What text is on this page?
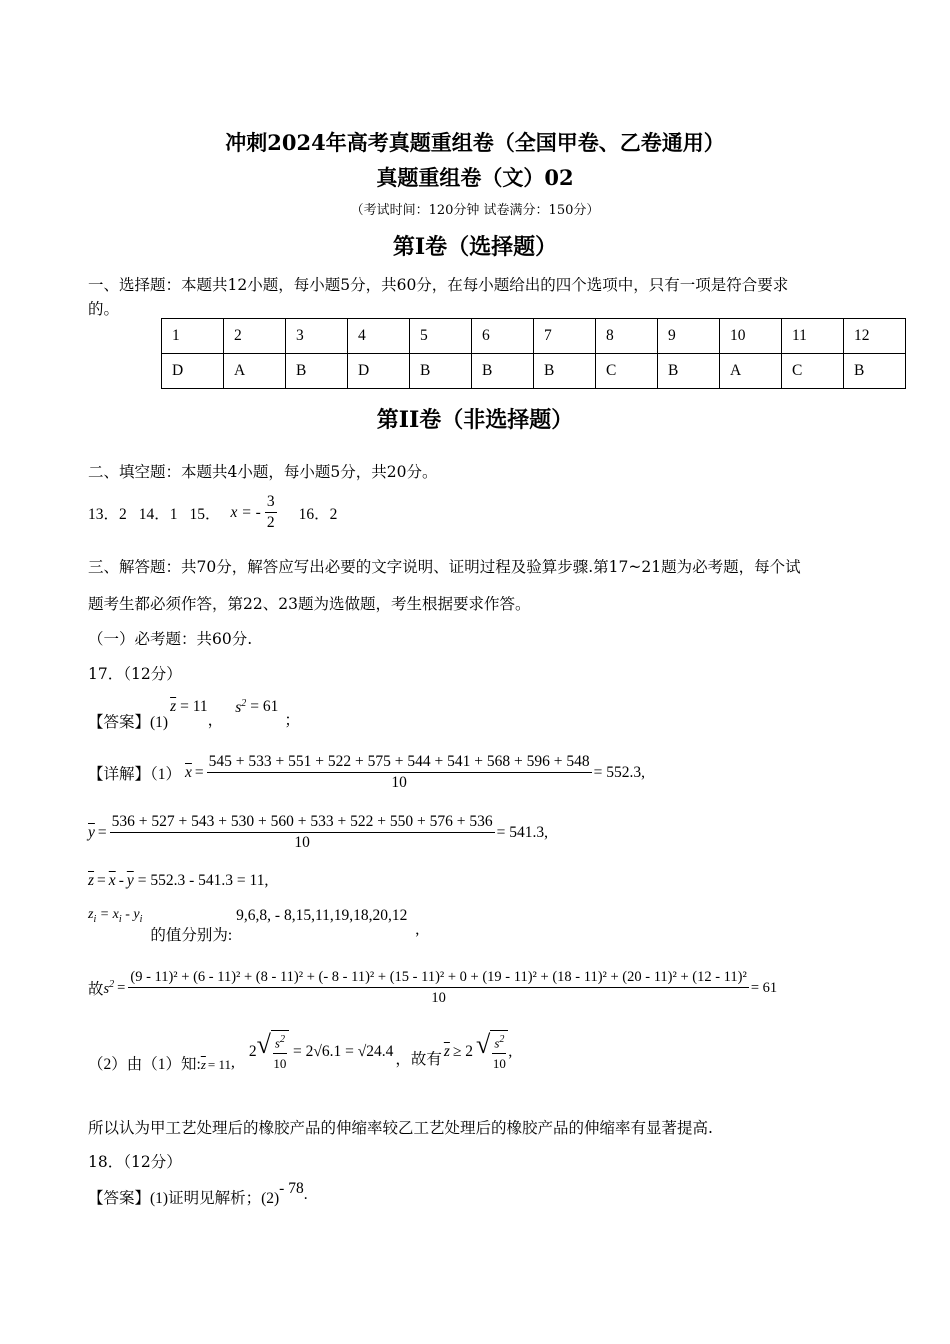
冲刺2024年高考真题重组卷（全国甲卷、乙卷通用）
真题重组卷（文）02
（考试时间：120分钟 试卷满分：150分）
第I卷（选择题）
一、选择题：本题共12小题，每小题5分，共60分，在每小题给出的四个选项中，只有一项是符合要求
的。
1	2	3	4	5	6	7	8	9	10	11	12
D	A	B	D	B	B	B	C	B	A	C	B
第II卷（非选择题）
二、填空题：本题共4小题，每小题5分，共20分。
13．2 14．1 15． x = - $\frac{3}{2} 16$．2
三、解答题：共70分，解答应写出必要的文字说明、证明过程及验算步骤.第17~21题为必考题，每个试
题考生都必须作答，第22、23题为选做题，考生根据要求作答。
（一）必考题：共60分.
17．（12分）
【答案】(1)
$\overline{z} = 11$
，
$s^2 = 61$
；
【详解】（1） $\overline{x} = \frac{545 + 533 + 551 + 522 + 575 + 544 + 541 + 568 + 596 + 548}{10} = 552.3$ ,
$\overline{y} = \frac{536 + 527 + 543 + 530 + 560 + 533 + 522 + 550 + 576 + 536}{10} = 541.3$ ,
$\overline{z} = \overline{x} - \overline{y} = 552.3 - 541.3 = 11$ ,
$z_i = x_i - y_i$
的值分别为:
9,6,8, - 8,15,11,19,18,20,12
,
故 $s^2$ =
(9 - 11)² + (6 - 11)² + (8 - 11)² + (- 8 - 11)² + (15 - 11)² + 0 + (19 - 11)² + (18 - 11)² + (20 - 11)² + (12 - 11)²
10
= 61
（2）由（1）知: $\overline{z} = 11$ ,
2 √ $\frac{s^2}{10} = 2√6.1 = √24.4$ ，故有 $\overline{z} \ge 2$ √ $\frac{s^2}{10}$ ,
所以认为甲工艺处理后的橡胶产品的伸缩率较乙工艺处理后的橡胶产品的伸缩率有显著提高.
18．（12分）
【答案】(1)证明见解析；(2)
- 78 .
